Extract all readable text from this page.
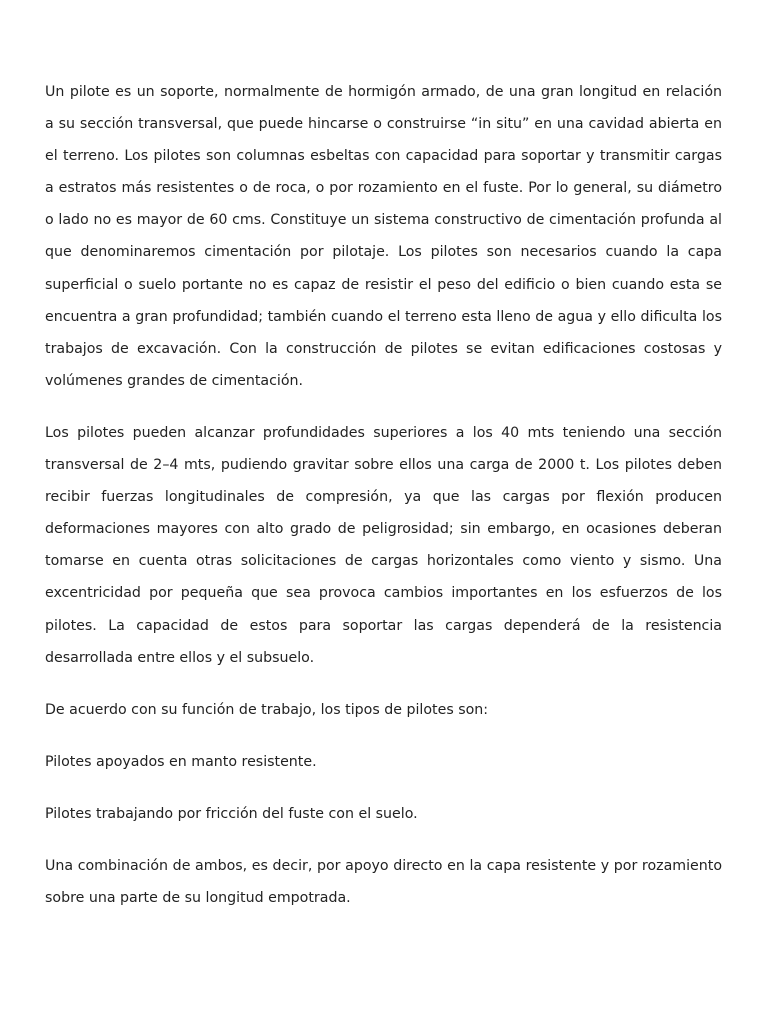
Un pilote es un soporte, normalmente de hormigón armado, de una gran longitud en relación a su sección transversal, que puede hincarse o construirse “in situ” en una cavidad abierta en el terreno. Los pilotes son columnas esbeltas con capacidad para soportar y transmitir cargas a estratos más resistentes o de roca, o por rozamiento en el fuste. Por lo general, su diámetro o lado no es mayor de 60 cms. Constituye un sistema constructivo de cimentación profunda al que denominaremos cimentación por pilotaje. Los pilotes son necesarios cuando la capa superficial o suelo portante no es capaz de resistir el peso del edificio o bien cuando esta se encuentra a gran profundidad; también cuando el terreno esta lleno de agua y ello dificulta los trabajos de excavación. Con la construcción de pilotes se evitan edificaciones costosas y volúmenes grandes de cimentación.

Los pilotes pueden alcanzar profundidades superiores a los 40 mts teniendo una sección transversal de 2–4 mts, pudiendo gravitar sobre ellos una carga de 2000 t. Los pilotes deben recibir fuerzas longitudinales de compresión, ya que las cargas por flexión producen deformaciones mayores con alto grado de peligrosidad; sin embargo, en ocasiones deberan tomarse en cuenta otras solicitaciones de cargas horizontales como viento y sismo. Una excentricidad por pequeña que sea provoca cambios importantes en los esfuerzos de los pilotes. La capacidad de estos para soportar las cargas dependerá de la resistencia desarrollada entre ellos y el subsuelo.

De acuerdo con su función de trabajo, los tipos de pilotes son:

Pilotes apoyados en manto resistente.

Pilotes trabajando por fricción del fuste con el suelo.

Una combinación de ambos, es decir, por apoyo directo en la capa resistente y por rozamiento sobre una parte de su longitud empotrada.
